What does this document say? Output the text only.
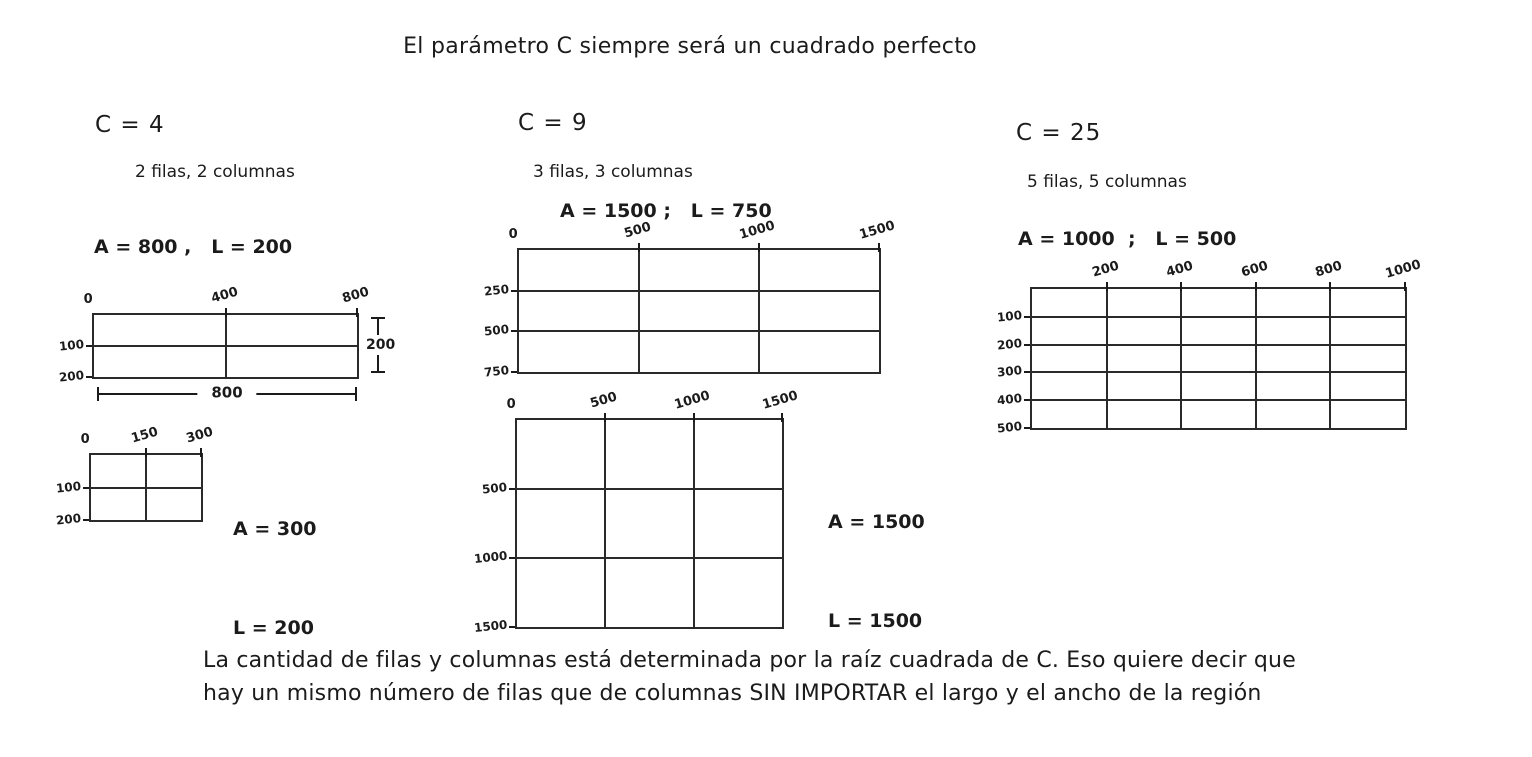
El parámetro C siempre será un cuadrado perfecto
C = 4
2 filas, 2 columnas
A = 800 ,   L = 200
0	400	800
100
200
200
800
0	150 300
100
200

	A = 300

L = 200

C = 9
3 filas, 3 columnas
A = 1500 ;   L = 750
0	500	1000	1500
250
500
750
0	500	1000	1500
500
1000
1500

A = 1500

L = 1500

C = 25
5 filas, 5 columnas
A = 1000  ;   L = 500
200	400	600	800	1000
100
200
300
400
500
La cantidad de filas y columnas está determinada por la raíz cuadrada de C. Eso quiere decir que
hay un mismo número de filas que de columnas SIN IMPORTAR el largo y el ancho de la región
